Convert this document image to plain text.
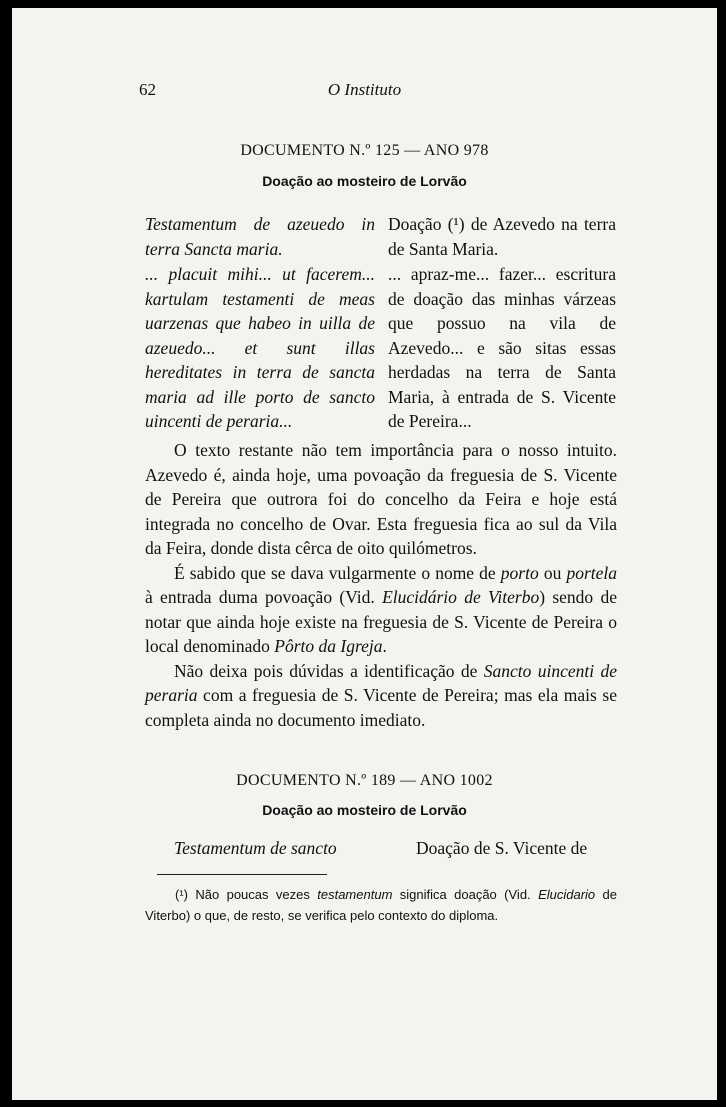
62	O Instituto
DOCUMENTO N.º 125 — ANO 978
Doação ao mosteiro de Lorvão

Testamentum de azeuedo in terra Sancta maria.

... placuit mihi... ut facerem... kartulam testamenti de meas uarzenas que habeo in uilla de azeuedo... et sunt illas hereditates in terra de sancta maria ad ille porto de sancto uincenti de peraria...

Doação (¹) de Azevedo na terra de Santa Maria.

... apraz-me... fazer... escritura de doação das minhas várzeas que possuo na vila de Azevedo... e são sitas essas herdadas na terra de Santa Maria, à entrada de S. Vicente de Pereira...

O texto restante não tem importância para o nosso intuito. Azevedo é, ainda hoje, uma povoação da freguesia de S. Vicente de Pereira que outrora foi do concelho da Feira e hoje está integrada no concelho de Ovar. Esta freguesia fica ao sul da Vila da Feira, donde dista cêrca de oito quilómetros.

É sabido que se dava vulgarmente o nome de porto ou portela à entrada duma povoação (Vid. Elucidário de Viterbo) sendo de notar que ainda hoje existe na freguesia de S. Vicente de Pereira o local denominado Pôrto da Igreja.

Não deixa pois dúvidas a identificação de Sancto uincenti de peraria com a freguesia de S. Vicente de Pereira; mas ela mais se completa ainda no documento imediato.

DOCUMENTO N.º 189 — ANO 1002
Doação ao mosteiro de Lorvão
Testamentum de sancto	Doação de S. Vicente de

(¹) Não poucas vezes testamentum significa doação (Vid. Elucidario de Viterbo) o que, de resto, se verifica pelo contexto do diploma.
